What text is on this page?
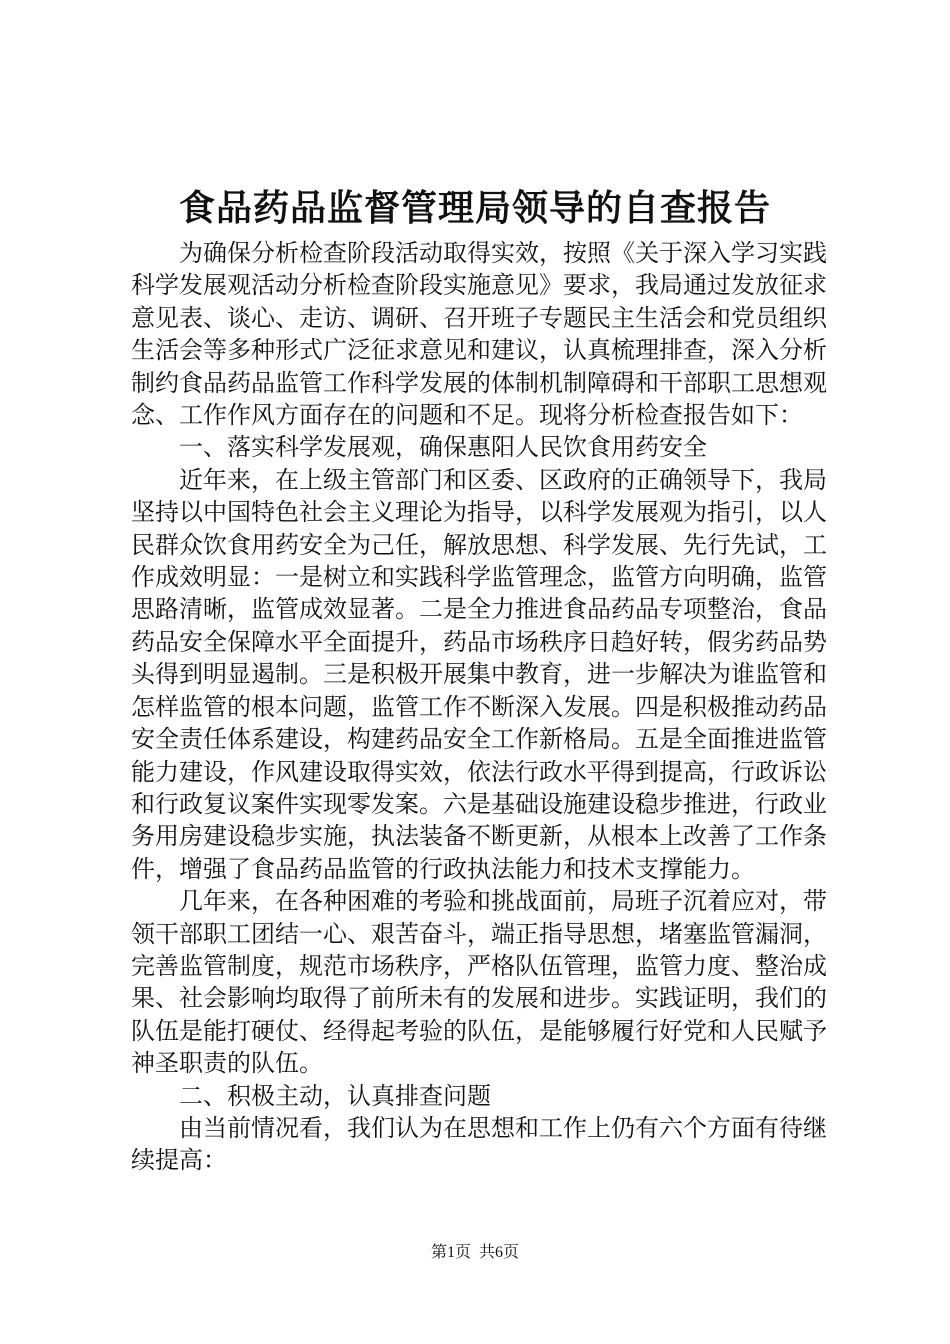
食品药品监督管理局领导的自查报告

为确保分析检查阶段活动取得实效，按照《关于深入学习实践科学发展观活动分析检查阶段实施意见》要求，我局通过发放征求意见表、谈心、走访、调研、召开班子专题民主生活会和党员组织生活会等多种形式广泛征求意见和建议，认真梳理排查，深入分析制约食品药品监管工作科学发展的体制机制障碍和干部职工思想观念、工作作风方面存在的问题和不足。现将分析检查报告如下：

一、落实科学发展观，确保惠阳人民饮食用药安全

近年来，在上级主管部门和区委、区政府的正确领导下，我局坚持以中国特色社会主义理论为指导，以科学发展观为指引，以人民群众饮食用药安全为己任，解放思想、科学发展、先行先试，工作成效明显：一是树立和实践科学监管理念，监管方向明确，监管思路清晰，监管成效显著。二是全力推进食品药品专项整治，食品药品安全保障水平全面提升，药品市场秩序日趋好转，假劣药品势头得到明显遏制。三是积极开展集中教育，进一步解决为谁监管和怎样监管的根本问题，监管工作不断深入发展。四是积极推动药品安全责任体系建设，构建药品安全工作新格局。五是全面推进监管能力建设，作风建设取得实效，依法行政水平得到提高，行政诉讼和行政复议案件实现零发案。六是基础设施建设稳步推进，行政业务用房建设稳步实施，执法装备不断更新，从根本上改善了工作条件，增强了食品药品监管的行政执法能力和技术支撑能力。

几年来，在各种困难的考验和挑战面前，局班子沉着应对，带领干部职工团结一心、艰苦奋斗，端正指导思想，堵塞监管漏洞，完善监管制度，规范市场秩序，严格队伍管理，监管力度、整治成果、社会影响均取得了前所未有的发展和进步。实践证明，我们的队伍是能打硬仗、经得起考验的队伍，是能够履行好党和人民赋予神圣职责的队伍。

二、积极主动，认真排查问题

由当前情况看，我们认为在思想和工作上仍有六个方面有待继续提高：

第1页 共6页
